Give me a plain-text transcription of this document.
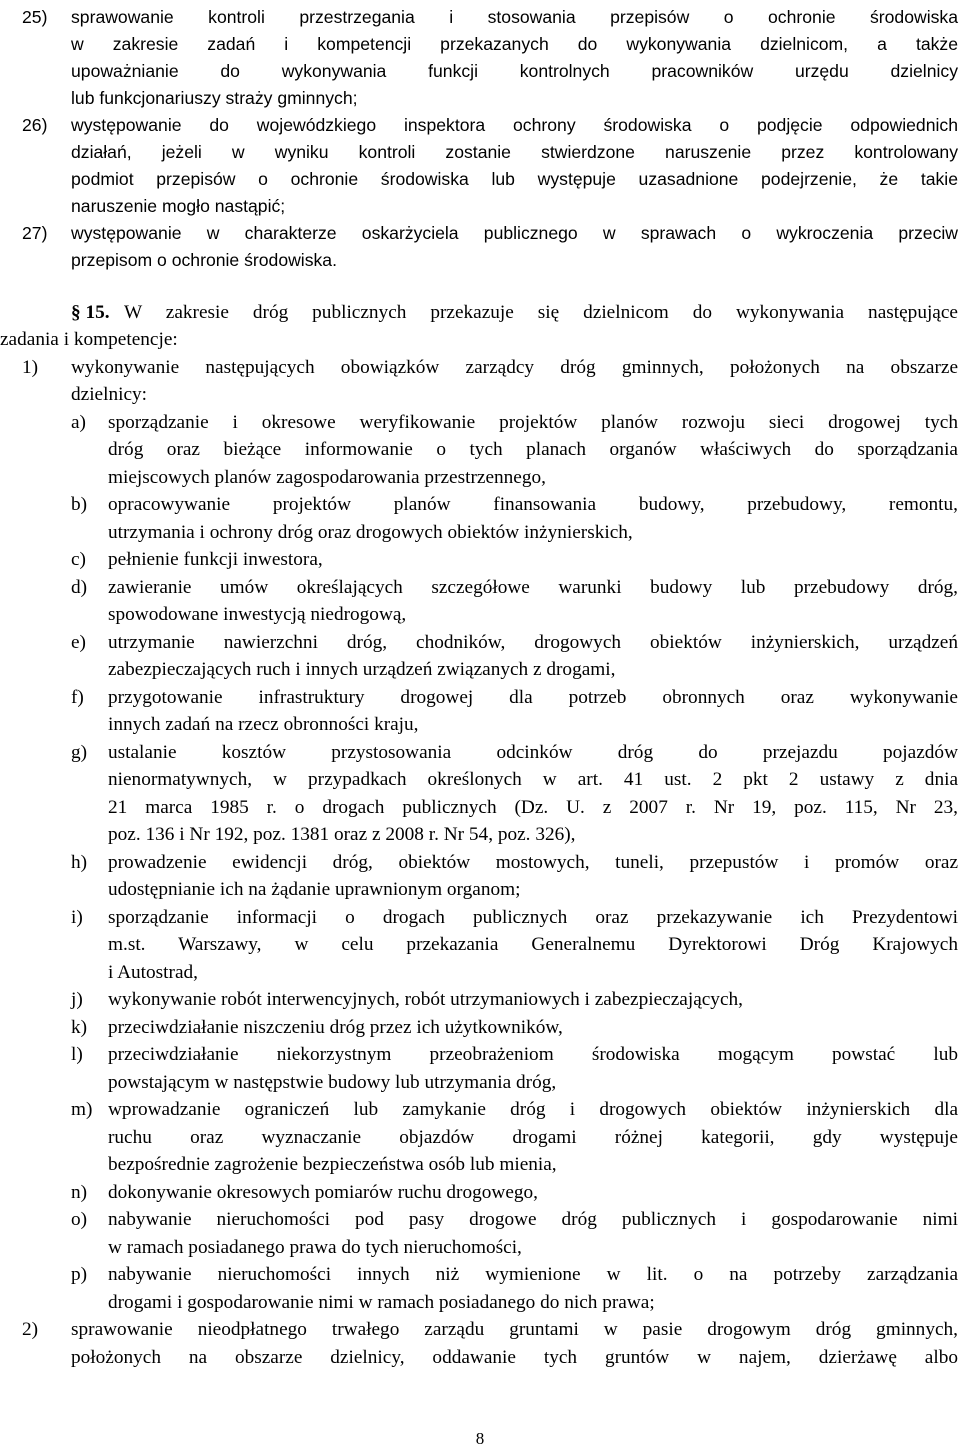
25) sprawowanie kontroli przestrzegania i stosowania przepisów o ochronie środowiska
w zakresie zadań i kompetencji przekazanych do wykonywania dzielnicom, a także
upoważnianie do wykonywania funkcji kontrolnych pracowników urzędu dzielnicy
lub funkcjonariuszy straży gminnych;
26) występowanie do wojewódzkiego inspektora ochrony środowiska o podjęcie odpowiednich
działań, jeżeli w wyniku kontroli zostanie stwierdzone naruszenie przez kontrolowany
podmiot przepisów o ochronie środowiska lub występuje uzasadnione podejrzenie, że takie
naruszenie mogło nastąpić;
27) występowanie w charakterze oskarżyciela publicznego w sprawach o wykroczenia przeciw
przepisom o ochronie środowiska.
§ 15. W zakresie dróg publicznych przekazuje się dzielnicom do wykonywania następujące
zadania i kompetencje:
1) wykonywanie następujących obowiązków zarządcy dróg gminnych, położonych na obszarze
dzielnicy:
a) sporządzanie i okresowe weryfikowanie projektów planów rozwoju sieci drogowej tych
dróg oraz bieżące informowanie o tych planach organów właściwych do sporządzania
miejscowych planów zagospodarowania przestrzennego,
b) opracowywanie projektów planów finansowania budowy, przebudowy, remontu,
utrzymania i ochrony dróg oraz drogowych obiektów inżynierskich,
c) pełnienie funkcji inwestora,
d) zawieranie umów określających szczegółowe warunki budowy lub przebudowy dróg,
spowodowane inwestycją niedrogową,
e) utrzymanie nawierzchni dróg, chodników, drogowych obiektów inżynierskich, urządzeń
zabezpieczających ruch i innych urządzeń związanych z drogami,
f) przygotowanie infrastruktury drogowej dla potrzeb obronnych oraz wykonywanie
innych zadań na rzecz obronności kraju,
g) ustalanie kosztów przystosowania odcinków dróg do przejazdu pojazdów
nienormatywnych, w przypadkach określonych w art. 41 ust. 2 pkt 2 ustawy z dnia
21 marca 1985 r. o drogach publicznych (Dz. U. z 2007 r. Nr 19, poz. 115, Nr 23,
poz. 136 i Nr 192, poz. 1381 oraz z 2008 r. Nr 54, poz. 326),
h) prowadzenie ewidencji dróg, obiektów mostowych, tuneli, przepustów i promów oraz
udostępnianie ich na żądanie uprawnionym organom;
i) sporządzanie informacji o drogach publicznych oraz przekazywanie ich Prezydentowi
m.st. Warszawy, w celu przekazania Generalnemu Dyrektorowi Dróg Krajowych
i Autostrad,
j) wykonywanie robót interwencyjnych, robót utrzymaniowych i zabezpieczających,
k) przeciwdziałanie niszczeniu dróg przez ich użytkowników,
l) przeciwdziałanie niekorzystnym przeobrażeniom środowiska mogącym powstać lub
powstającym w następstwie budowy lub utrzymania dróg,
m) wprowadzanie ograniczeń lub zamykanie dróg i drogowych obiektów inżynierskich dla
ruchu oraz wyznaczanie objazdów drogami różnej kategorii, gdy występuje
bezpośrednie zagrożenie bezpieczeństwa osób lub mienia,
n) dokonywanie okresowych pomiarów ruchu drogowego,
o) nabywanie nieruchomości pod pasy drogowe dróg publicznych i gospodarowanie nimi
w ramach posiadanego prawa do tych nieruchomości,
p) nabywanie nieruchomości innych niż wymienione w lit. o na potrzeby zarządzania
drogami i gospodarowanie nimi w ramach posiadanego do nich prawa;
2) sprawowanie nieodpłatnego trwałego zarządu gruntami w pasie drogowym dróg gminnych,
położonych na obszarze dzielnicy, oddawanie tych gruntów w najem, dzierżawę albo
8
